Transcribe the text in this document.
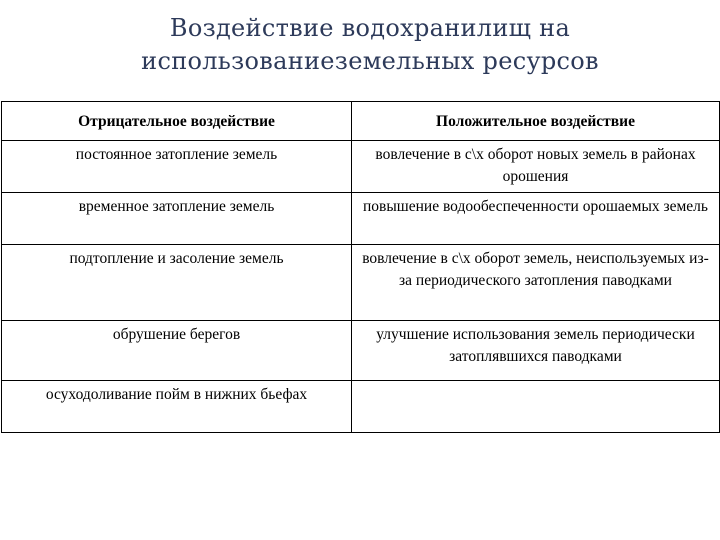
Воздействие водохранилищ на
использованиеземельных ресурсов
Отрицательное воздействие	Положительное воздействие
постоянное затопление земель	вовлечение в с\х оборот новых земель в районах орошения
временное затопление земель	повышение водообеспеченности орошаемых земель
подтопление и засоление земель	вовлечение в с\х оборот земель, неиспользуемых из-за периодического затопления паводками
обрушение берегов	улучшение использования земель периодически затоплявшихся паводками
осуходоливание пойм в нижних бьефах	
